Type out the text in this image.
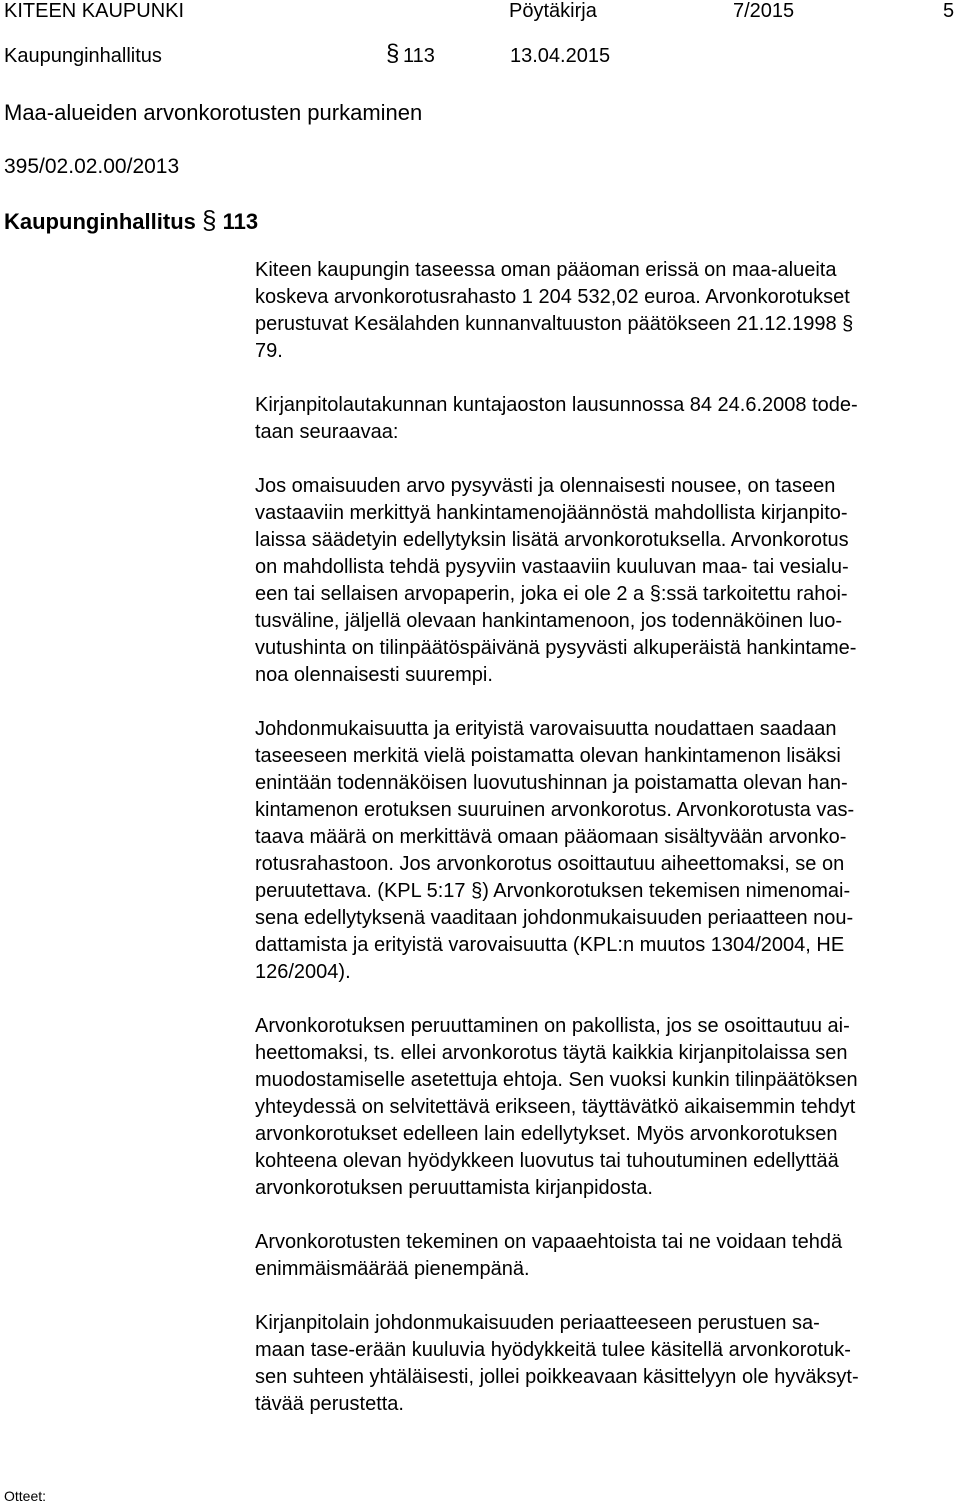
KITEEN KAUPUNKI	Pöytäkirja	7/2015	5
Kaupunginhallitus	§ 113	13.04.2015
Maa-alueiden arvonkorotusten purkaminen
395/02.02.00/2013
Kaupunginhallitus § 113

Kiteen kaupungin taseessa oman pääoman erissä on maa-alueita
koskeva arvonkorotusrahasto 1 204 532,02 euroa. Arvonkorotukset
perustuvat Kesälahden kunnanvaltuuston päätökseen 21.12.1998 §
79.

Kirjanpitolautakunnan kuntajaoston lausunnossa 84 24.6.2008 tode-
taan seuraavaa:

Jos omaisuuden arvo pysyvästi ja olennaisesti nousee, on taseen
vastaaviin merkittyä hankintamenojäännöstä mahdollista kirjanpito-
laissa säädetyin edellytyksin lisätä arvonkorotuksella. Arvonkorotus
on mahdollista tehdä pysyviin vastaaviin kuuluvan maa- tai vesialu-
een tai sellaisen arvopaperin, joka ei ole 2 a §:ssä tarkoitettu rahoi-
tusväline, jäljellä olevaan hankintamenoon, jos todennäköinen luo-
vutushinta on tilinpäätöspäivänä pysyvästi alkuperäistä hankintame-
noa olennaisesti suurempi.

Johdonmukaisuutta ja erityistä varovaisuutta noudattaen saadaan
taseeseen merkitä vielä poistamatta olevan hankintamenon lisäksi
enintään todennäköisen luovutushinnan ja poistamatta olevan han-
kintamenon erotuksen suuruinen arvonkorotus. Arvonkorotusta vas-
taava määrä on merkittävä omaan pääomaan sisältyvään arvonko-
rotusrahastoon. Jos arvonkorotus osoittautuu aiheettomaksi, se on
peruutettava. (KPL 5:17 §) Arvonkorotuksen tekemisen nimenomai-
sena edellytyksenä vaaditaan johdonmukaisuuden periaatteen nou-
dattamista ja erityistä varovaisuutta (KPL:n muutos 1304/2004, HE
126/2004).

Arvonkorotuksen peruuttaminen on pakollista, jos se osoittautuu ai-
heettomaksi, ts. ellei arvonkorotus täytä kaikkia kirjanpitolaissa sen
muodostamiselle asetettuja ehtoja. Sen vuoksi kunkin tilinpäätöksen
yhteydessä on selvitettävä erikseen, täyttävätkö aikaisemmin tehdyt
arvonkorotukset edelleen lain edellytykset. Myös arvonkorotuksen
kohteena olevan hyödykkeen luovutus tai tuhoutuminen edellyttää
arvonkorotuksen peruuttamista kirjanpidosta.

Arvonkorotusten tekeminen on vapaaehtoista tai ne voidaan tehdä
enimmäismäärää pienempänä.

Kirjanpitolain johdonmukaisuuden periaatteeseen perustuen sa-
maan tase-erään kuuluvia hyödykkeitä tulee käsitellä arvonkorotuk-
sen suhteen yhtäläisesti, jollei poikkeavaan käsittelyyn ole hyväksyt-
tävää perustetta.

Otteet:
